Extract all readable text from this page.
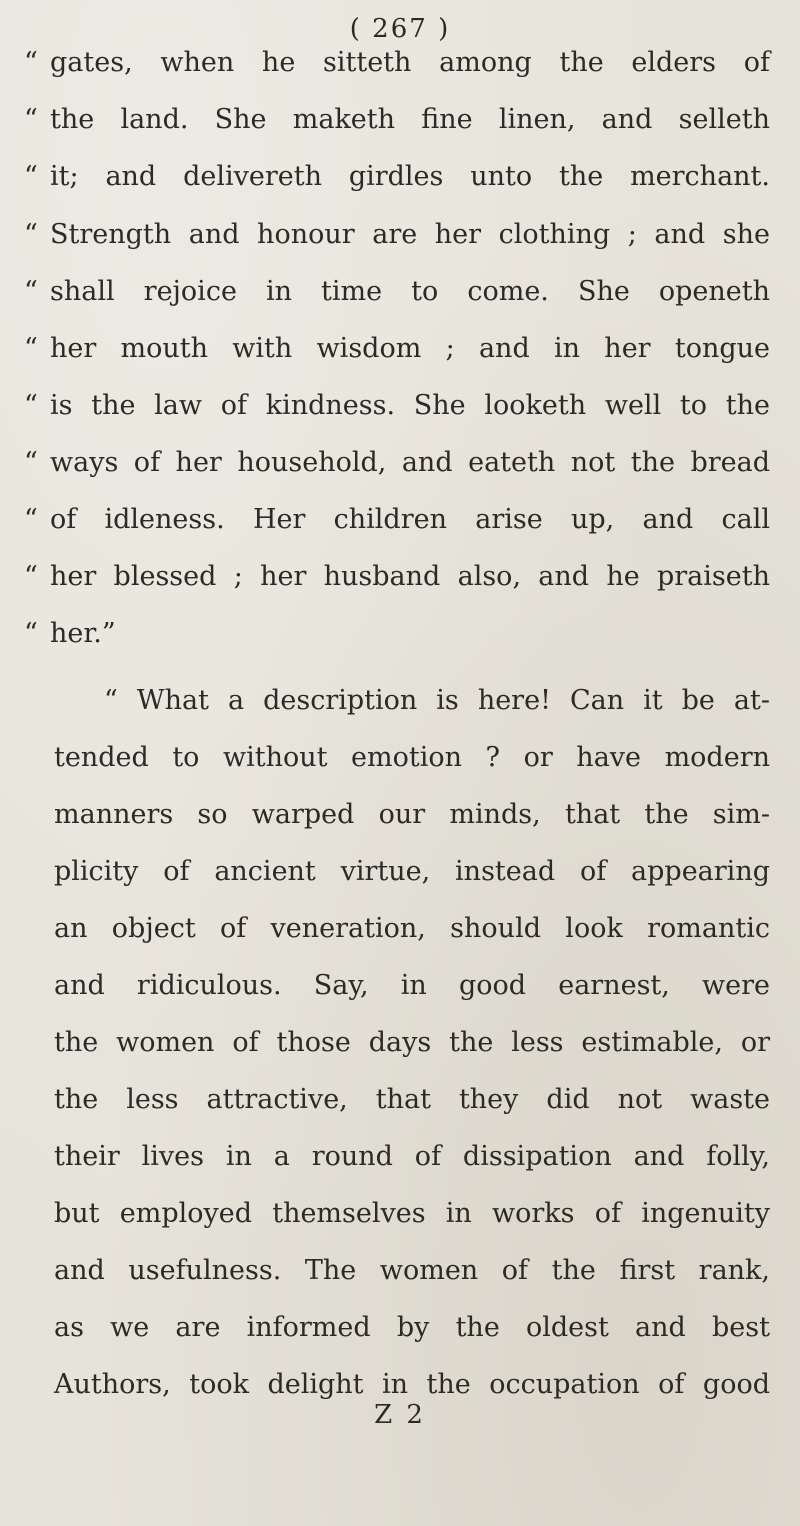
( 267 )
“ gates, when he sitteth among the elders of
“ the land. She maketh fine linen, and selleth
“ it; and delivereth girdles unto the merchant.
“ Strength and honour are her clothing ; and she
“ shall rejoice in time to come. She openeth
“ her mouth with wisdom ; and in her tongue
“ is the law of kindness. She looketh well to the
“ ways of her household, and eateth not the bread
“ of idleness. Her children arise up, and call
“ her blessed ; her husband also, and he praiseth
“ her.”
“ What a description is here! Can it be at-
tended to without emotion ? or have modern
manners so warped our minds, that the sim-
plicity of ancient virtue, instead of appearing
an object of veneration, should look romantic
and ridiculous. Say, in good earnest, were
the women of those days the less estimable, or
the less attractive, that they did not waste
their lives in a round of dissipation and folly,
but employed themselves in works of ingenuity
and usefulness. The women of the first rank,
as we are informed by the oldest and best
Authors, took delight in the occupation of good
Z 2
